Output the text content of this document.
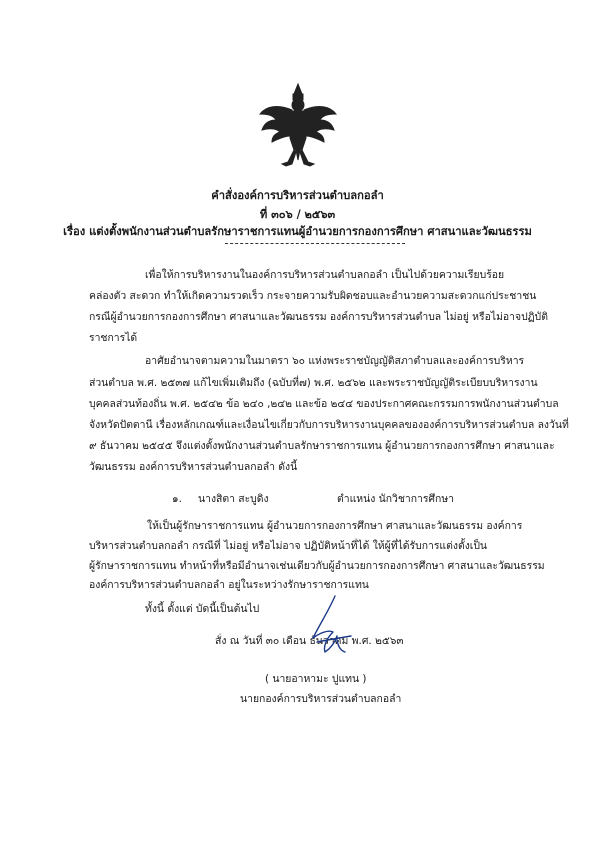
คำสั่งองค์การบริหารส่วนตำบลกอลำ
ที่ ๓๐๖ / ๒๕๖๓
เรื่อง แต่งตั้งพนักงานส่วนตำบลรักษาราชการแทนผู้อำนวยการกองการศึกษา ศาสนาและวัฒนธรรม
เพื่อให้การบริหารงานในองค์การบริหารส่วนตำบลกอลำ เป็นไปด้วยความเรียบร้อย
คล่องตัว สะดวก ทำให้เกิดความรวดเร็ว กระจายความรับผิดชอบและอำนวยความสะดวกแก่ประชาชน
กรณีผู้อำนวยการกองการศึกษา ศาสนาและวัฒนธรรม องค์การบริหารส่วนตำบล ไม่อยู่ หรือไม่อาจปฏิบัติ
ราชการได้
อาศัยอำนาจตามความในมาตรา ๖๐ แห่งพระราชบัญญัติสภาตำบลและองค์การบริหาร
ส่วนตำบล พ.ศ. ๒๕๓๗ แก้ไขเพิ่มเติมถึง (ฉบับที่๗) พ.ศ. ๒๕๖๒ และพระราชบัญญัติระเบียบบริหารงาน
บุคคลส่วนท้องถิ่น พ.ศ. ๒๕๔๒ ข้อ ๒๔๐ ,๒๔๒ และข้อ ๒๔๔ ของประกาศคณะกรรมการพนักงานส่วนตำบล
จังหวัดปัตตานี เรื่องหลักเกณฑ์และเงื่อนไขเกี่ยวกับการบริหารงานบุคคลขององค์การบริหารส่วนตำบล ลงวันที่
๙ ธันวาคม ๒๕๔๕ จึงแต่งตั้งพนักงานส่วนตำบลรักษาราชการแทน ผู้อำนวยการกองการศึกษา ศาสนาและ
วัฒนธรรม องค์การบริหารส่วนตำบลกอลำ ดังนี้
๑. นางสิตา สะบูดิง	ตำแหน่ง นักวิชาการศึกษา
ให้เป็นผู้รักษาราชการแทน ผู้อำนวยการกองการศึกษา ศาสนาและวัฒนธรรม องค์การ
บริหารส่วนตำบลกอลำ กรณีที่ ไม่อยู่ หรือไม่อาจ ปฏิบัติหน้าที่ได้ ให้ผู้ที่ได้รับการแต่งตั้งเป็น
ผู้รักษาราชการแทน ทำหน้าที่หรือมีอำนาจเช่นเดียวกับผู้อำนวยการกองการศึกษา ศาสนาและวัฒนธรรม
องค์การบริหารส่วนตำบลกอลำ อยู่ในระหว่างรักษาราชการแทน
ทั้งนี้ ตั้งแต่ บัดนี้เป็นต้นไป
สั่ง ณ วันที่ ๓๐ เดือน ธันวาคม พ.ศ. ๒๕๖๓
( นายอาหามะ ปูแทน )
นายกองค์การบริหารส่วนตำบลกอลำ
